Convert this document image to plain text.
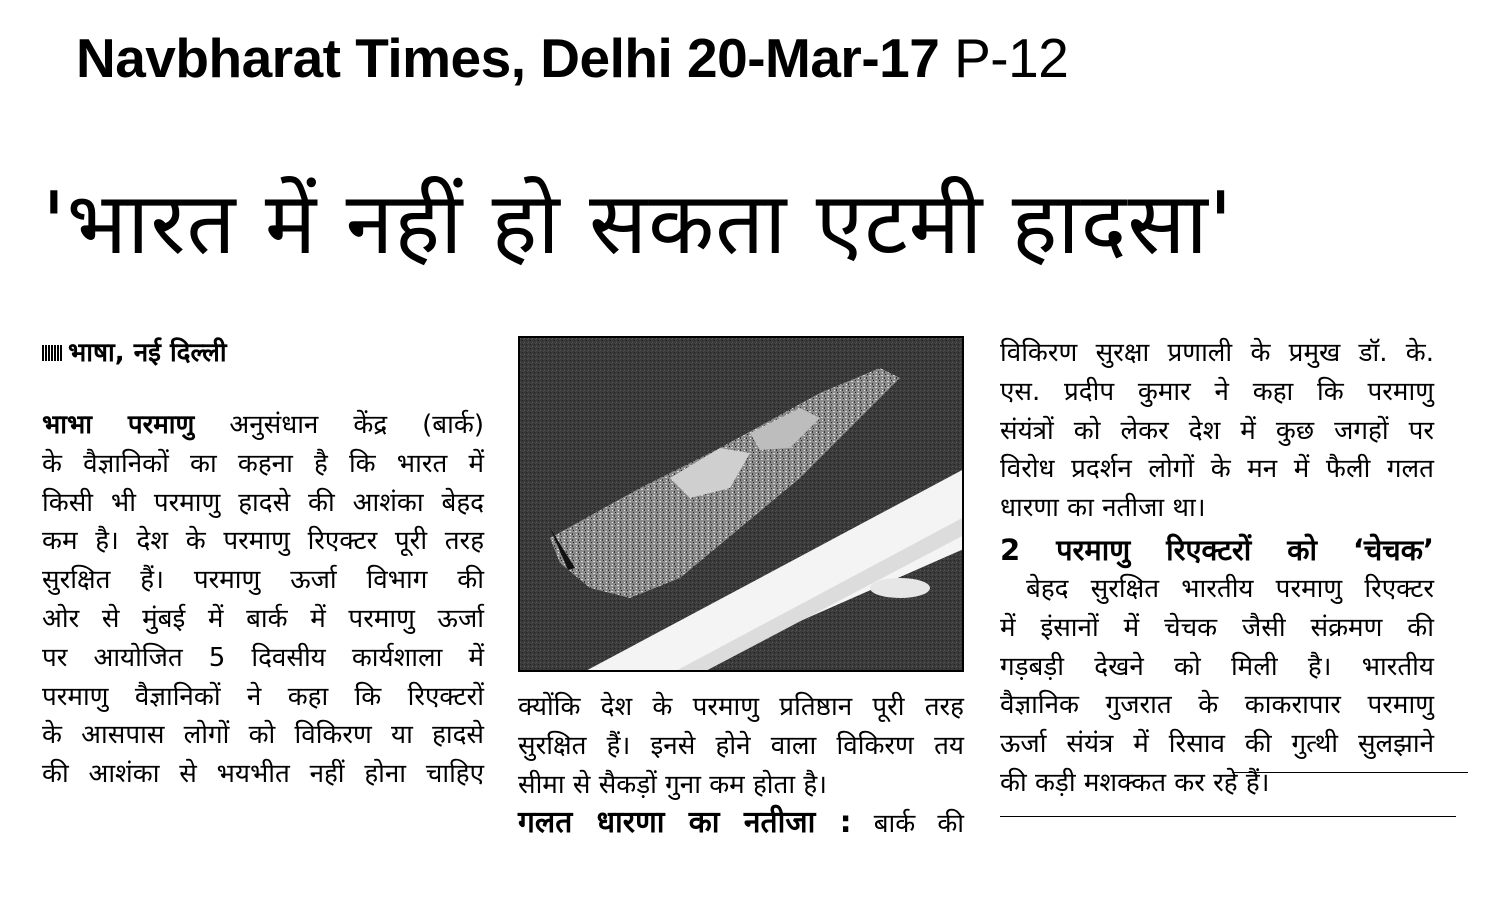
Navbharat Times, Delhi 20-Mar-17 P-12
'भारत में नहीं हो सकता एटमी हादसा'
भाषा, नई दिल्ली
भाभा परमाणु अनुसंधान केंद्र (बार्क)
के वैज्ञानिकों का कहना है कि भारत में
किसी भी परमाणु हादसे की आशंका बेहद
कम है। देश के परमाणु रिएक्टर पूरी तरह
सुरक्षित हैं। परमाणु ऊर्जा विभाग की
ओर से मुंबई में बार्क में परमाणु ऊर्जा
पर आयोजित 5 दिवसीय कार्यशाला में
परमाणु वैज्ञानिकों ने कहा कि रिएक्टरों
के आसपास लोगों को विकिरण या हादसे
की आशंका से भयभीत नहीं होना चाहिए
क्योंकि देश के परमाणु प्रतिष्ठान पूरी तरह
सुरक्षित हैं। इनसे होने वाला विकिरण तय
सीमा से सैकड़ों गुना कम होता है।
गलत धारणा का नतीजा : बार्क की
विकिरण सुरक्षा प्रणाली के प्रमुख डॉ. के.
एस. प्रदीप कुमार ने कहा कि परमाणु
संयंत्रों को लेकर देश में कुछ जगहों पर
विरोध प्रदर्शन लोगों के मन में फैली गलत
धारणा का नतीजा था।
2 परमाणु रिएक्टरों को ‘चेचक’
बेहद सुरक्षित भारतीय परमाणु रिएक्टर
में इंसानों में चेचक जैसी संक्रमण की
गड़बड़ी देखने को मिली है। भारतीय
वैज्ञानिक गुजरात के काकरापार परमाणु
ऊर्जा संयंत्र में रिसाव की गुत्थी सुलझाने
की कड़ी मशक्कत कर रहे हैं।
